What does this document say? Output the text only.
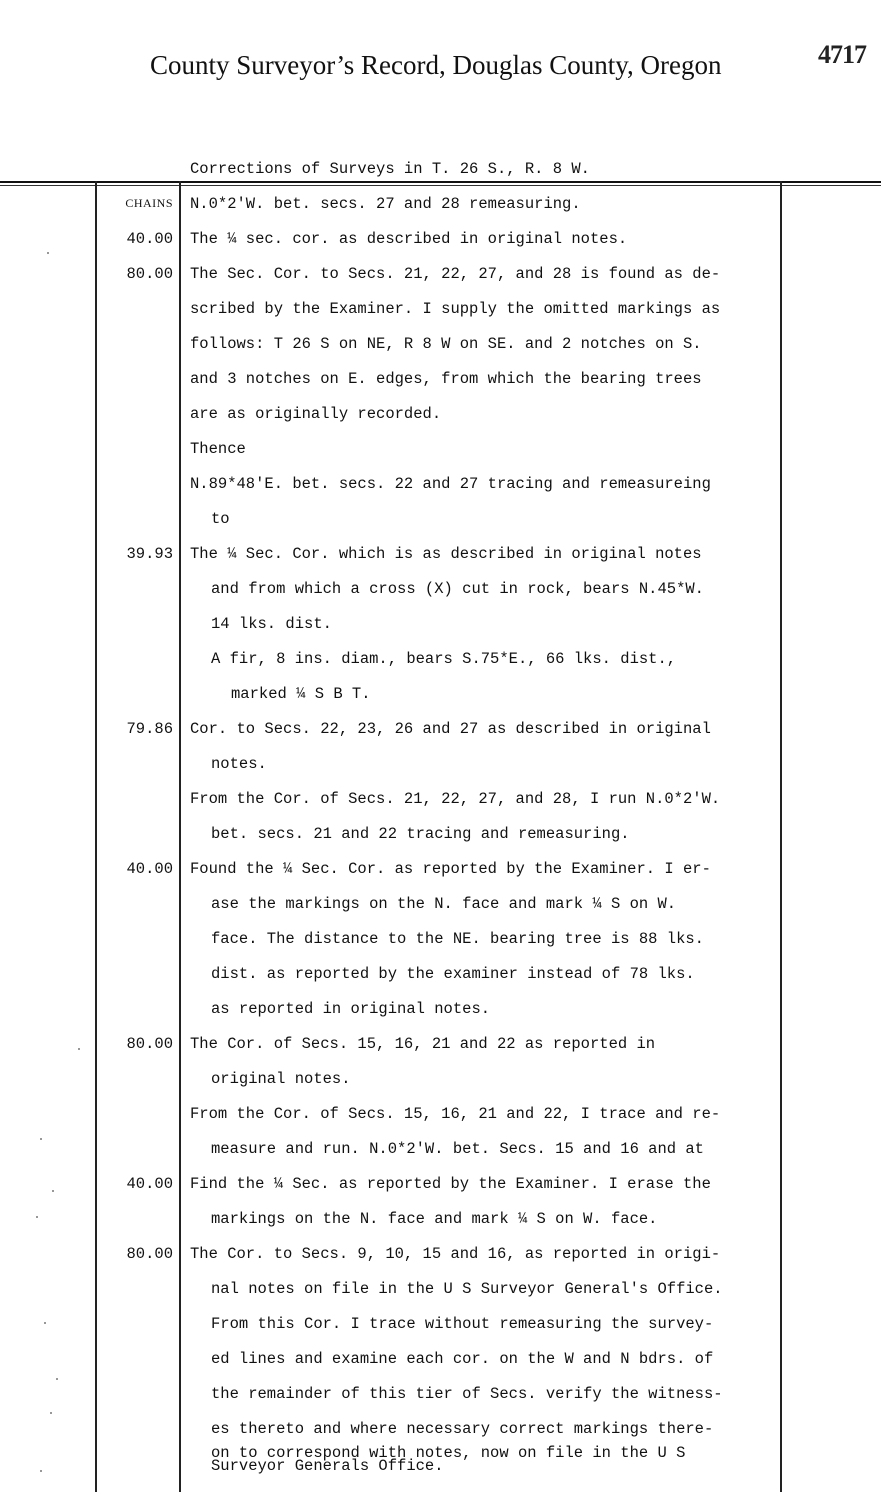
County Surveyor’s Record, Douglas County, Oregon	4717
Corrections of Surveys in T. 26 S., R. 8 W.
CHAINS	N.0*2'W. bet. secs. 27 and 28 remeasuring.
40.00	The ¼ sec. cor. as described in original notes.
80.00	The Sec. Cor. to Secs. 21, 22, 27, and 28 is found as de-
scribed by the Examiner. I supply the omitted markings as
follows: T 26 S on NE, R 8 W on SE. and 2 notches on S.
and 3 notches on E. edges, from which the bearing trees
are as originally recorded.
Thence
N.89*48'E. bet. secs. 22 and 27 tracing and remeasureing
to
39.93	The ¼ Sec. Cor. which is as described in original notes
and from which a cross (X) cut in rock, bears N.45*W.
14 lks. dist.
A fir, 8 ins. diam., bears S.75*E., 66 lks. dist.,
marked ¼ S B T.
79.86	Cor. to Secs. 22, 23, 26 and 27 as described in original
notes.
From the Cor. of Secs. 21, 22, 27, and 28, I run N.0*2'W.
bet. secs. 21 and 22 tracing and remeasuring.
40.00	Found the ¼ Sec. Cor. as reported by the Examiner. I er-
ase the markings on the N. face and mark ¼ S on W.
face. The distance to the NE. bearing tree is 88 lks.
dist. as reported by the examiner instead of 78 lks.
as reported in original notes.
80.00	The Cor. of Secs. 15, 16, 21 and 22 as reported in
original notes.
From the Cor. of Secs. 15, 16, 21 and 22, I trace and re-
measure and run. N.0*2'W. bet. Secs. 15 and 16 and at
40.00	Find the ¼ Sec. as reported by the Examiner. I erase the
markings on the N. face and mark ¼ S on W. face.
80.00	The Cor. to Secs. 9, 10, 15 and 16, as reported in origi-
nal notes on file in the U S Surveyor General's Office.
From this Cor. I trace without remeasuring the survey-
ed lines and examine each cor. on the W and N bdrs. of
the remainder of this tier of Secs. verify the witness-
es thereto and where necessary correct markings there-
on to correspond with notes, now on file in the U S
Surveyor Generals Office.
